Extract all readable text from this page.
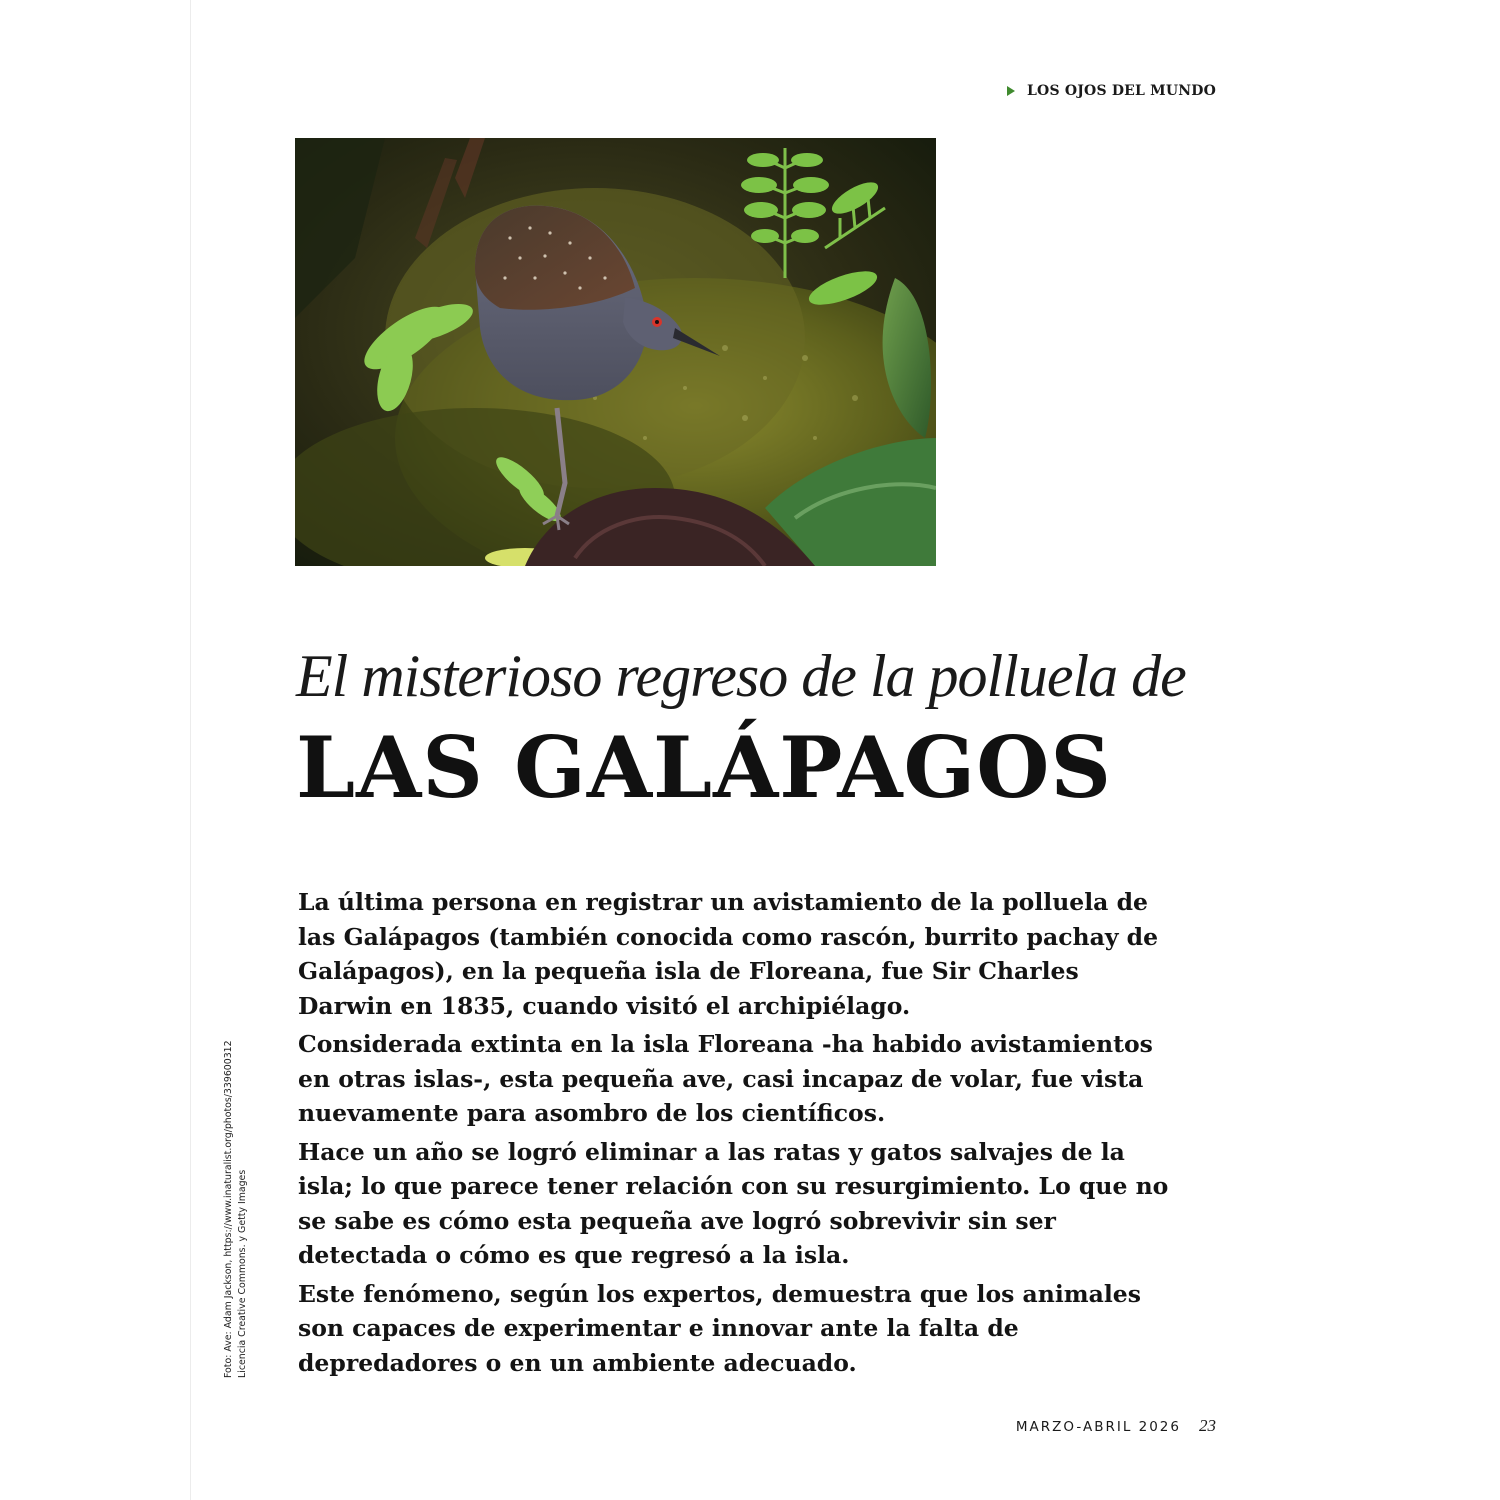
LOS OJOS DEL MUNDO
El misterioso regreso de la polluela de
LAS GALÁPAGOS

La última persona en registrar un avistamiento de la polluela de las Galápagos (también conocida como rascón, burrito pachay de Galápagos), en la pequeña isla de Floreana, fue Sir Charles Darwin en 1835, cuando visitó el archipiélago.

Considerada extinta en la isla Floreana -ha habido avistamientos en otras islas-, esta pequeña ave, casi incapaz de volar, fue vista nuevamente para asombro de los científicos.

Hace un año se logró eliminar a las ratas y gatos salvajes de la isla; lo que parece tener relación con su resurgimiento. Lo que no se sabe es cómo esta pequeña ave logró sobrevivir sin ser detectada o cómo es que regresó a la isla.

Este fenómeno, según los expertos, demuestra que los animales son capaces de experimentar e innovar ante la falta de depredadores o en un ambiente adecuado.

Foto: Ave: Adam Jackson, https://www.inaturalist.org/photos/339600312 Licencia Creative Commons. y Getty Images
MARZO-ABRIL 2026 23
